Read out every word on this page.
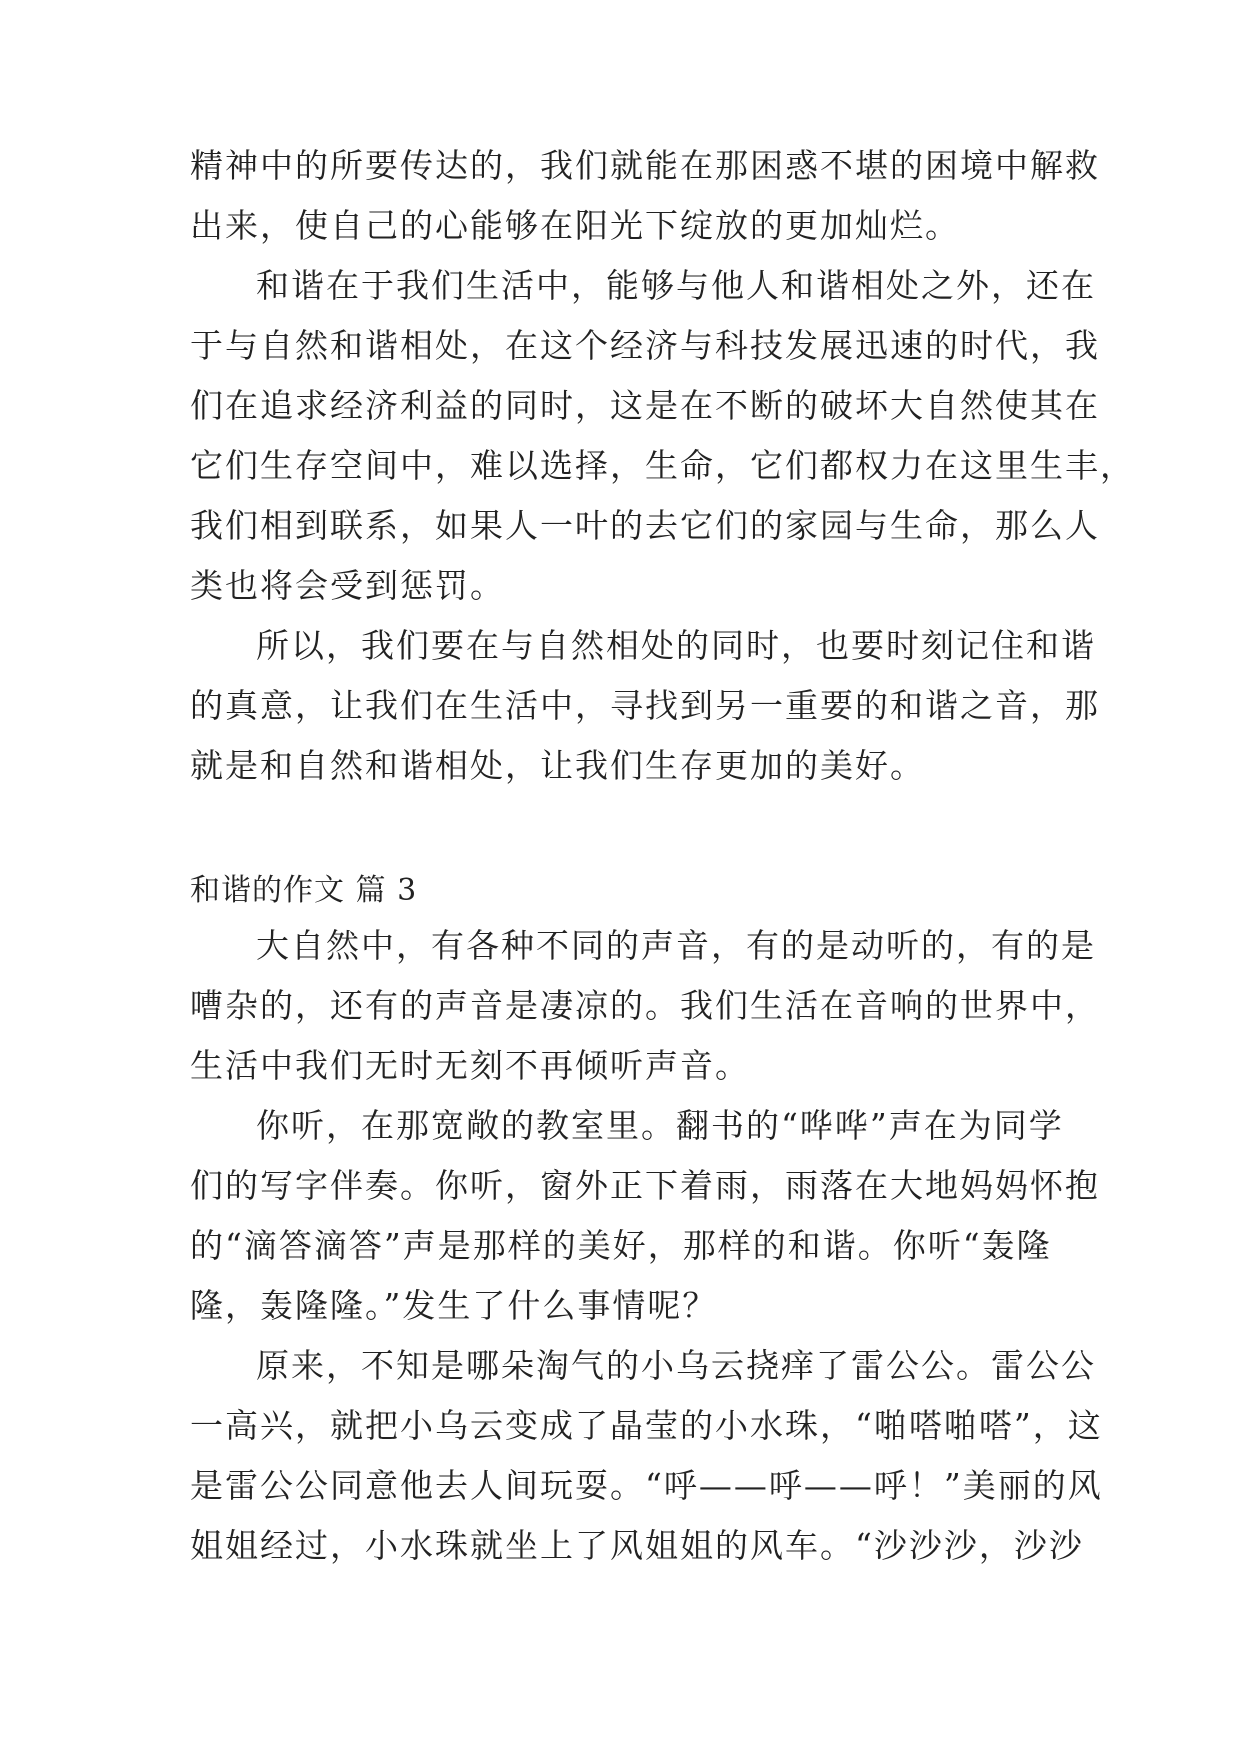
精神中的所要传达的，我们就能在那困惑不堪的困境中解救
出来，使自己的心能够在阳光下绽放的更加灿烂。
和谐在于我们生活中，能够与他人和谐相处之外，还在
于与自然和谐相处，在这个经济与科技发展迅速的时代，我
们在追求经济利益的同时，这是在不断的破坏大自然使其在
它们生存空间中，难以选择，生命，它们都权力在这里生丰，
我们相到联系，如果人一叶的去它们的家园与生命，那么人
类也将会受到惩罚。
所以，我们要在与自然相处的同时，也要时刻记住和谐
的真意，让我们在生活中，寻找到另一重要的和谐之音，那
就是和自然和谐相处，让我们生存更加的美好。
和谐的作文 篇 3
大自然中，有各种不同的声音，有的是动听的，有的是
嘈杂的，还有的声音是凄凉的。我们生活在音响的世界中，
生活中我们无时无刻不再倾听声音。
你听，在那宽敞的教室里。翻书的“哗哗”声在为同学
们的写字伴奏。你听，窗外正下着雨，雨落在大地妈妈怀抱
的“滴答滴答”声是那样的美好，那样的和谐。你听“轰隆
隆，轰隆隆。”发生了什么事情呢？
原来，不知是哪朵淘气的小乌云挠痒了雷公公。雷公公
一高兴，就把小乌云变成了晶莹的小水珠，“啪嗒啪嗒”，这
是雷公公同意他去人间玩耍。“呼——呼——呼！”美丽的风
姐姐经过，小水珠就坐上了风姐姐的风车。“沙沙沙，沙沙
